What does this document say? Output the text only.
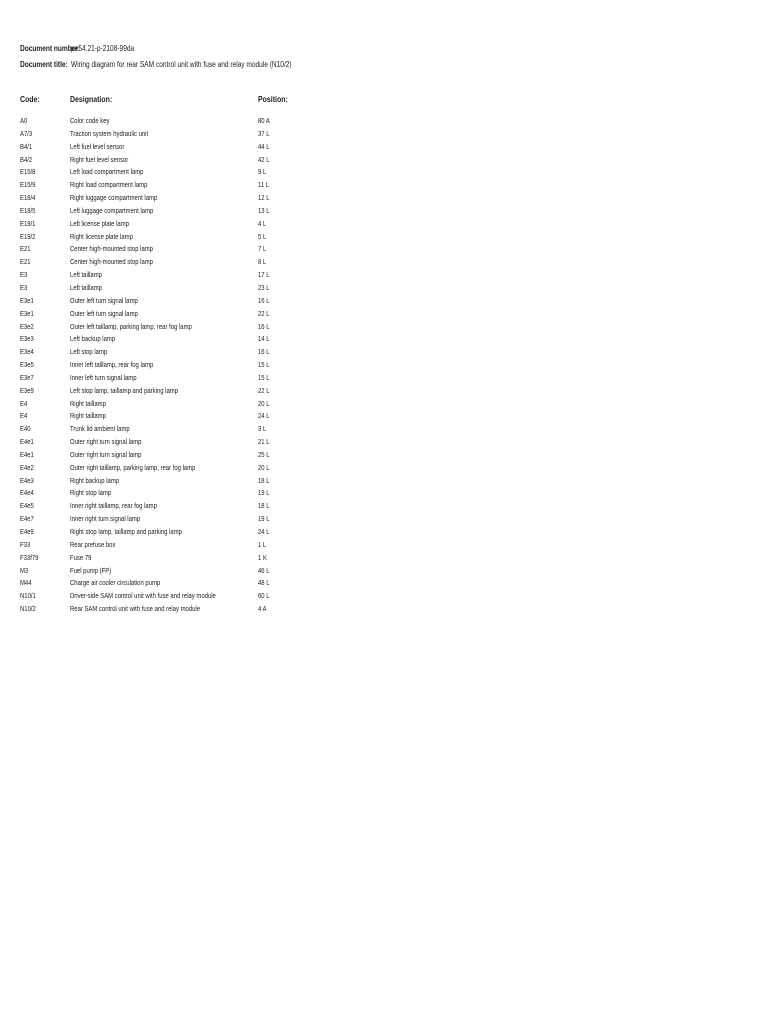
Document number: pe54.21-p-2108-99da
Document title: Wiring diagram for rear SAM control unit with fuse and relay module (N10/2)
Code:	Designation:	Position:
A0	Color code key	80 A
A7/3	Traction system hydraulic unit	37 L
B4/1	Left fuel level sensor	44 L
B4/2	Right fuel level sensor	42 L
E15/8	Left load compartment lamp	9 L
E15/9	Right load compartment lamp	11 L
E18/4	Right luggage compartment lamp	12 L
E18/5	Left luggage compartment lamp	13 L
E19/1	Left license plate lamp	4 L
E19/2	Right license plate lamp	5 L
E21	Center high-mounted stop lamp	7 L
E21	Center high-mounted stop lamp	8 L
E3	Left taillamp	17 L
E3	Left taillamp	23 L
E3e1	Outer left turn signal lamp	16 L
E3e1	Outer left turn signal lamp	22 L
E3e2	Outer left taillamp, parking lamp, rear fog lamp	16 L
E3e3	Left backup lamp	14 L
E3e4	Left stop lamp	16 L
E3e5	Inner left taillamp, rear fog lamp	15 L
E3e7	Inner left turn signal lamp	15 L
E3e9	Left stop lamp, taillamp and parking lamp	22 L
E4	Right taillamp	20 L
E4	Right taillamp	24 L
E40	Trunk lid ambient lamp	3 L
E4e1	Outer right turn signal lamp	21 L
E4e1	Outer right turn signal lamp	25 L
E4e2	Outer right taillamp, parking lamp, rear fog lamp	20 L
E4e3	Right backup lamp	18 L
E4e4	Right stop lamp	19 L
E4e5	Inner right taillamp, rear fog lamp	18 L
E4e7	Inner right turn signal lamp	19 L
E4e9	Right stop lamp, taillamp and parking lamp	24 L
F33	Rear prefuse box	1 L
F33f79	Fuse 79	1 K
M3	Fuel pump (FP)	46 L
M44	Charge air cooler circulation pump	48 L
N10/1	Driver-side SAM control unit with fuse and relay module	60 L
N10/2	Rear SAM control unit with fuse and relay module	4 A
